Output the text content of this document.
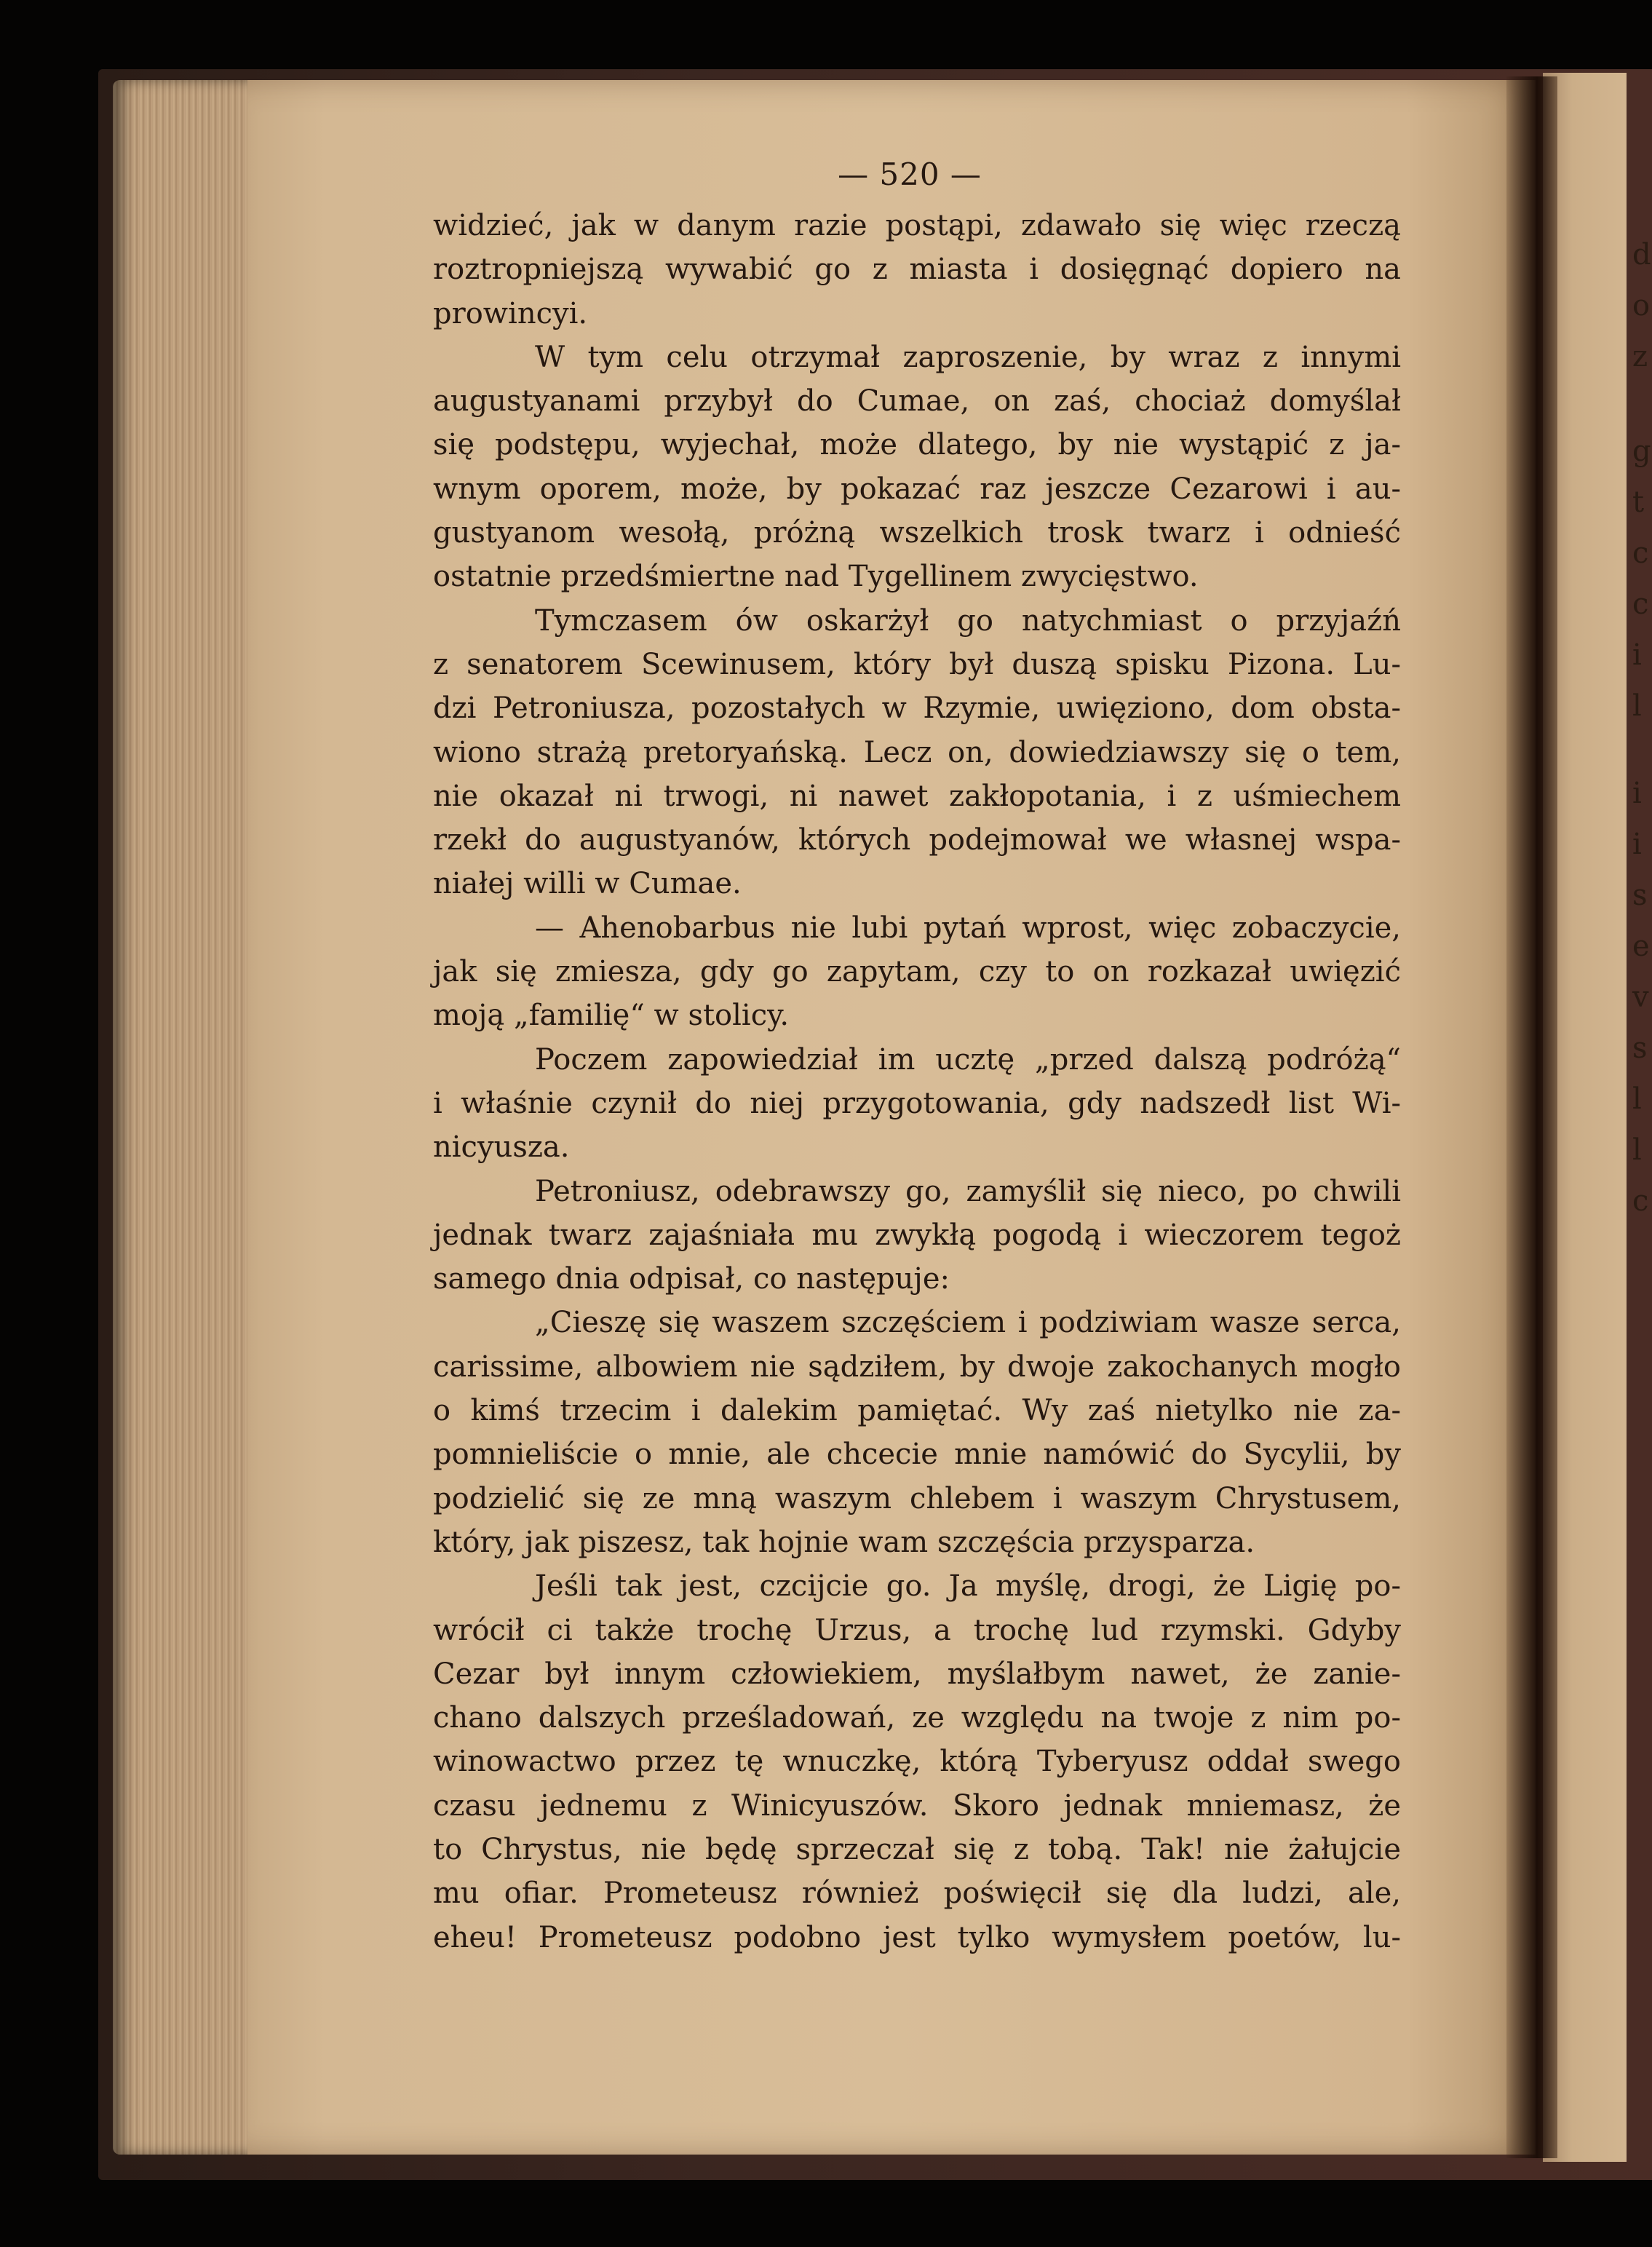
d
o
z
g
t
c
c
i
l
i
i
s
e
v
s
l
l
c
— 520 —
widzieć, jak w danym razie postąpi, zdawało się więc rzeczą
roztropniejszą wywabić go z miasta i dosięgnąć dopiero na
prowincyi.
W tym celu otrzymał zaproszenie, by wraz z innymi
augustyanami przybył do Cumae, on zaś, chociaż domyślał
się podstępu, wyjechał, może dlatego, by nie wystąpić z ja-
wnym oporem, może, by pokazać raz jeszcze Cezarowi i au-
gustyanom wesołą, próżną wszelkich trosk twarz i odnieść
ostatnie przedśmiertne nad Tygellinem zwycięstwo.
Tymczasem ów oskarżył go natychmiast o przyjaźń
z senatorem Scewinusem, który był duszą spisku Pizona. Lu-
dzi Petroniusza, pozostałych w Rzymie, uwięziono, dom obsta-
wiono strażą pretoryańską. Lecz on, dowiedziawszy się o tem,
nie okazał ni trwogi, ni nawet zakłopotania, i z uśmiechem
rzekł do augustyanów, których podejmował we własnej wspa-
niałej willi w Cumae.
— Ahenobarbus nie lubi pytań wprost, więc zobaczycie,
jak się zmiesza, gdy go zapytam, czy to on rozkazał uwięzić
moją „familię“ w stolicy.
Poczem zapowiedział im ucztę „przed dalszą podróżą“
i właśnie czynił do niej przygotowania, gdy nadszedł list Wi-
nicyusza.
Petroniusz, odebrawszy go, zamyślił się nieco, po chwili
jednak twarz zajaśniała mu zwykłą pogodą i wieczorem tegoż
samego dnia odpisał, co następuje:
„Cieszę się waszem szczęściem i podziwiam wasze serca,
carissime, albowiem nie sądziłem, by dwoje zakochanych mogło
o kimś trzecim i dalekim pamiętać. Wy zaś nietylko nie za-
pomnieliście o mnie, ale chcecie mnie namówić do Sycylii, by
podzielić się ze mną waszym chlebem i waszym Chrystusem,
który, jak piszesz, tak hojnie wam szczęścia przysparza.
Jeśli tak jest, czcijcie go. Ja myślę, drogi, że Ligię po-
wrócił ci także trochę Urzus, a trochę lud rzymski. Gdyby
Cezar był innym człowiekiem, myślałbym nawet, że zanie-
chano dalszych prześladowań, ze względu na twoje z nim po-
winowactwo przez tę wnuczkę, którą Tyberyusz oddał swego
czasu jednemu z Winicyuszów. Skoro jednak mniemasz, że
to Chrystus, nie będę sprzeczał się z tobą. Tak! nie żałujcie
mu ofiar. Prometeusz również poświęcił się dla ludzi, ale,
eheu! Prometeusz podobno jest tylko wymysłem poetów, lu-
